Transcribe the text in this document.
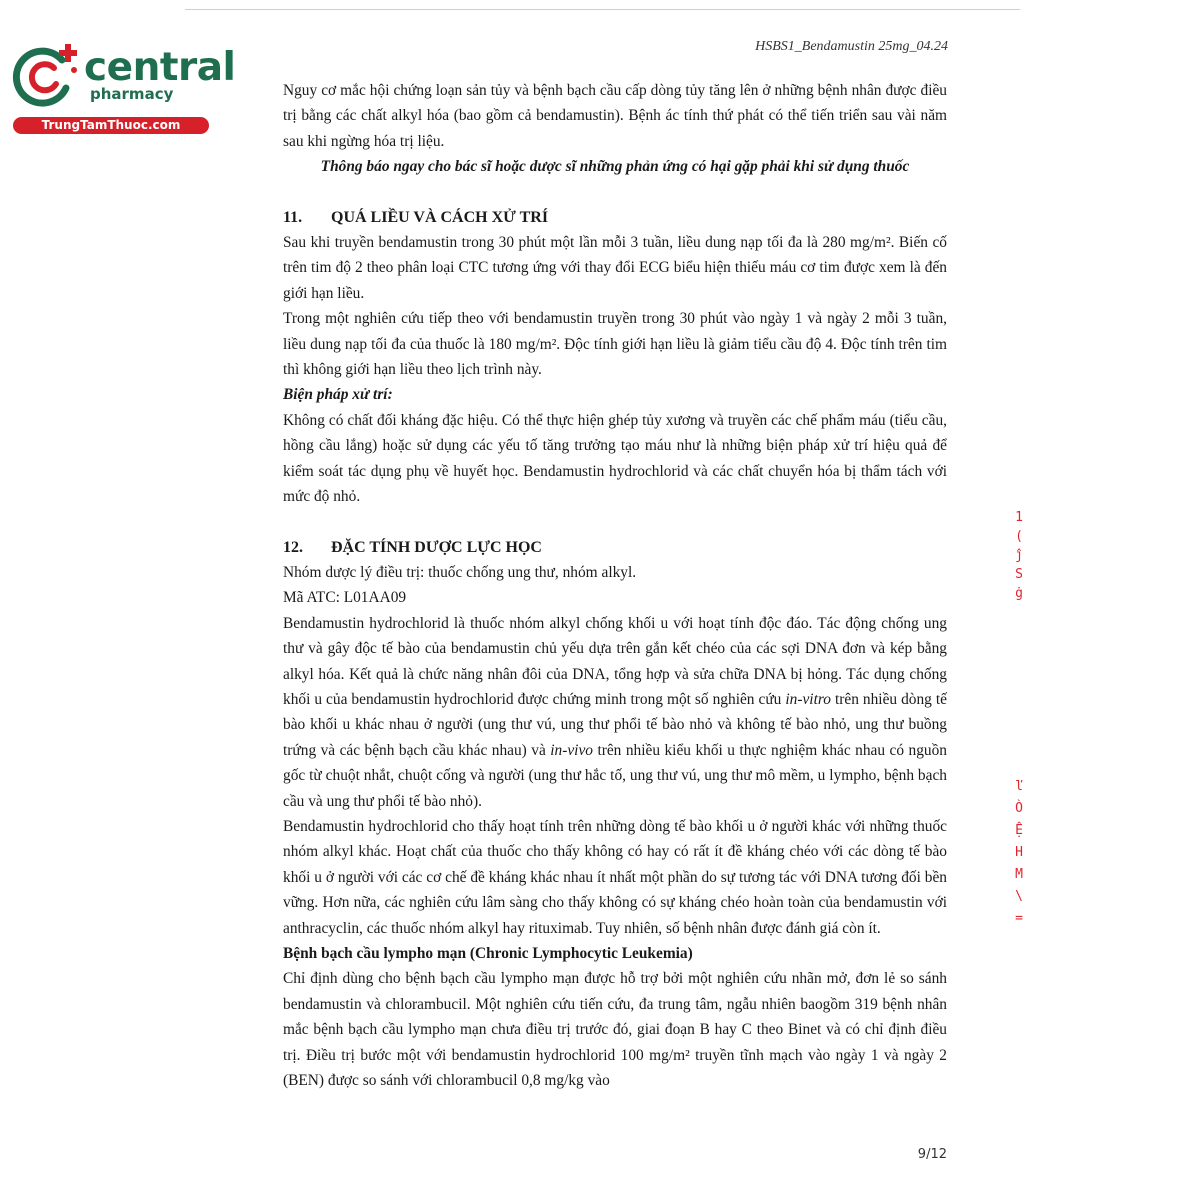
central
pharmacy
TrungTamThuoc.com
HSBS1_Bendamustin 25mg_04.24

Nguy cơ mắc hội chứng loạn sản tủy và bệnh bạch cầu cấp dòng tủy tăng lên ở những bệnh nhân được điều trị bằng các chất alkyl hóa (bao gồm cả bendamustin). Bệnh ác tính thứ phát có thể tiến triển sau vài năm sau khi ngừng hóa trị liệu.

Thông báo ngay cho bác sĩ hoặc dược sĩ những phản ứng có hại gặp phải khi sử dụng thuốc

11. QUÁ LIỀU VÀ CÁCH XỬ TRÍ

Sau khi truyền bendamustin trong 30 phút một lần mỗi 3 tuần, liều dung nạp tối đa là 280 mg/m². Biến cố trên tim độ 2 theo phân loại CTC tương ứng với thay đổi ECG biểu hiện thiếu máu cơ tim được xem là đến giới hạn liều.

Trong một nghiên cứu tiếp theo với bendamustin truyền trong 30 phút vào ngày 1 và ngày 2 mỗi 3 tuần, liều dung nạp tối đa của thuốc là 180 mg/m². Độc tính giới hạn liều là giảm tiểu cầu độ 4. Độc tính trên tim thì không giới hạn liều theo lịch trình này.

Biện pháp xử trí:

Không có chất đối kháng đặc hiệu. Có thể thực hiện ghép tủy xương và truyền các chế phẩm máu (tiểu cầu, hồng cầu lắng) hoặc sử dụng các yếu tố tăng trưởng tạo máu như là những biện pháp xử trí hiệu quả để kiểm soát tác dụng phụ về huyết học. Bendamustin hydrochlorid và các chất chuyển hóa bị thẩm tách với mức độ nhỏ.

12. ĐẶC TÍNH DƯỢC LỰC HỌC

Nhóm dược lý điều trị: thuốc chống ung thư, nhóm alkyl.

Mã ATC: L01AA09

Bendamustin hydrochlorid là thuốc nhóm alkyl chống khối u với hoạt tính độc đáo. Tác động chống ung thư và gây độc tế bào của bendamustin chủ yếu dựa trên gắn kết chéo của các sợi DNA đơn và kép bằng alkyl hóa. Kết quả là chức năng nhân đôi của DNA, tổng hợp và sửa chữa DNA bị hỏng. Tác dụng chống khối u của bendamustin hydrochlorid được chứng minh trong một số nghiên cứu in-vitro trên nhiều dòng tế bào khối u khác nhau ở người (ung thư vú, ung thư phổi tế bào nhỏ và không tế bào nhỏ, ung thư buồng trứng và các bệnh bạch cầu khác nhau) và in-vivo trên nhiều kiểu khối u thực nghiệm khác nhau có nguồn gốc từ chuột nhắt, chuột cống và người (ung thư hắc tố, ung thư vú, ung thư mô mềm, u lympho, bệnh bạch cầu và ung thư phổi tế bào nhỏ).

Bendamustin hydrochlorid cho thấy hoạt tính trên những dòng tế bào khối u ở người khác với những thuốc nhóm alkyl khác. Hoạt chất của thuốc cho thấy không có hay có rất ít đề kháng chéo với các dòng tế bào khối u ở người với các cơ chế đề kháng khác nhau ít nhất một phần do sự tương tác với DNA tương đối bền vững. Hơn nữa, các nghiên cứu lâm sàng cho thấy không có sự kháng chéo hoàn toàn của bendamustin với anthracyclin, các thuốc nhóm alkyl hay rituximab. Tuy nhiên, số bệnh nhân được đánh giá còn ít.

Bệnh bạch cầu lympho mạn (Chronic Lymphocytic Leukemia)

Chỉ định dùng cho bệnh bạch cầu lympho mạn được hỗ trợ bởi một nghiên cứu nhãn mở, đơn lẻ so sánh bendamustin và chlorambucil. Một nghiên cứu tiến cứu, đa trung tâm, ngẫu nhiên baogồm 319 bệnh nhân mắc bệnh bạch cầu lympho mạn chưa điều trị trước đó, giai đoạn B hay C theo Binet và có chỉ định điều trị. Điều trị bước một với bendamustin hydrochlorid 100 mg/m² truyền tĩnh mạch vào ngày 1 và ngày 2 (BEN) được so sánh với chlorambucil 0,8 mg/kg vào

9/12
1
(
ĵ
S
ġ
ľ
Ò
Ệ
H
M
\
=
